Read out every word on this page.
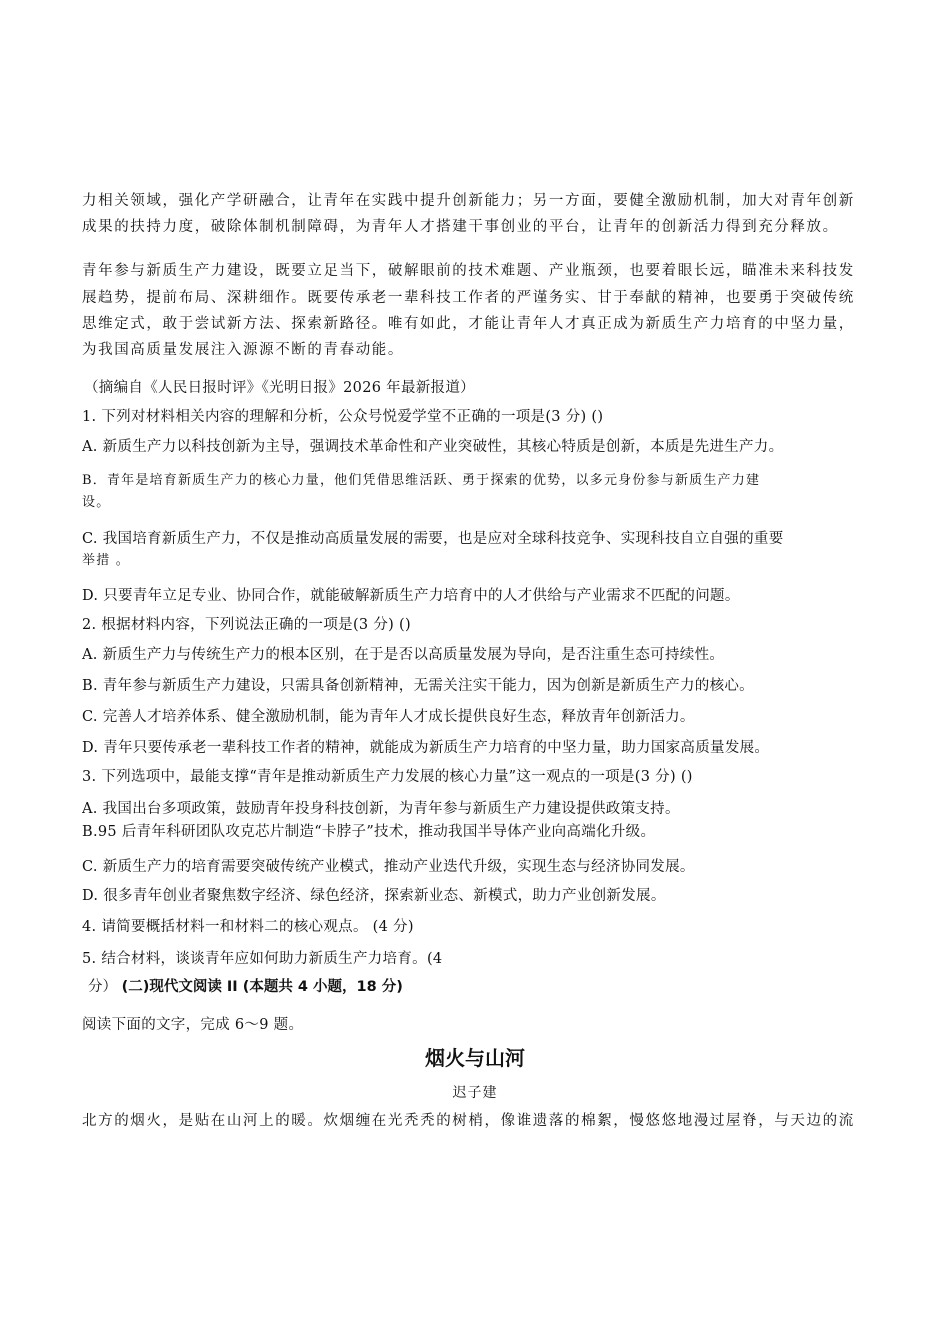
力相关领域，强化产学研融合，让青年在实践中提升创新能力；另一方面，要健全激励机制，加大对青年创新
成果的扶持力度，破除体制机制障碍，为青年人才搭建干事创业的平台，让青年的创新活力得到充分释放。
青年参与新质生产力建设，既要立足当下，破解眼前的技术难题、产业瓶颈，也要着眼长远，瞄准未来科技发
展趋势，提前布局、深耕细作。既要传承老一辈科技工作者的严谨务实、甘于奉献的精神，也要勇于突破传统
思维定式，敢于尝试新方法、探索新路径。唯有如此，才能让青年人才真正成为新质生产力培育的中坚力量，
为我国高质量发展注入源源不断的青春动能。
（摘编自《人民日报时评》《光明日报》2026 年最新报道）
1. 下列对材料相关内容的理解和分析，公众号悦爱学堂不正确的一项是(3 分) ()
A. 新质生产力以科技创新为主导，强调技术革命性和产业突破性，其核心特质是创新，本质是先进生产力。
B．青年是培育新质生产力的核心力量，他们凭借思维活跃、勇于探索的优势，以多元身份参与新质生产力建
设。
C. 我国培育新质生产力，不仅是推动高质量发展的需要，也是应对全球科技竞争、实现科技自立自强的重要
举措 。
D. 只要青年立足专业、协同合作，就能破解新质生产力培育中的人才供给与产业需求不匹配的问题。
2. 根据材料内容，下列说法正确的一项是(3 分) ()
A. 新质生产力与传统生产力的根本区别，在于是否以高质量发展为导向，是否注重生态可持续性。
B. 青年参与新质生产力建设，只需具备创新精神，无需关注实干能力，因为创新是新质生产力的核心。
C. 完善人才培养体系、健全激励机制，能为青年人才成长提供良好生态，释放青年创新活力。
D. 青年只要传承老一辈科技工作者的精神，就能成为新质生产力培育的中坚力量，助力国家高质量发展。
3. 下列选项中，最能支撑“青年是推动新质生产力发展的核心力量”这一观点的一项是(3 分) ()
A. 我国出台多项政策，鼓励青年投身科技创新，为青年参与新质生产力建设提供政策支持。
B.95 后青年科研团队攻克芯片制造“卡脖子”技术，推动我国半导体产业向高端化升级。
C. 新质生产力的培育需要突破传统产业模式，推动产业迭代升级，实现生态与经济协同发展。
D. 很多青年创业者聚焦数字经济、绿色经济，探索新业态、新模式，助力产业创新发展。
4. 请简要概括材料一和材料二的核心观点。 (4 分)
5. 结合材料，谈谈青年应如何助力新质生产力培育。(4
分） (二)现代文阅读 II (本题共 4 小题，18 分)
阅读下面的文字，完成 6～9 题。
烟火与山河
迟子建
北方的烟火，是贴在山河上的暖。炊烟缠在光秃秃的树梢，像谁遗落的棉絮，慢悠悠地漫过屋脊，与天边的流
